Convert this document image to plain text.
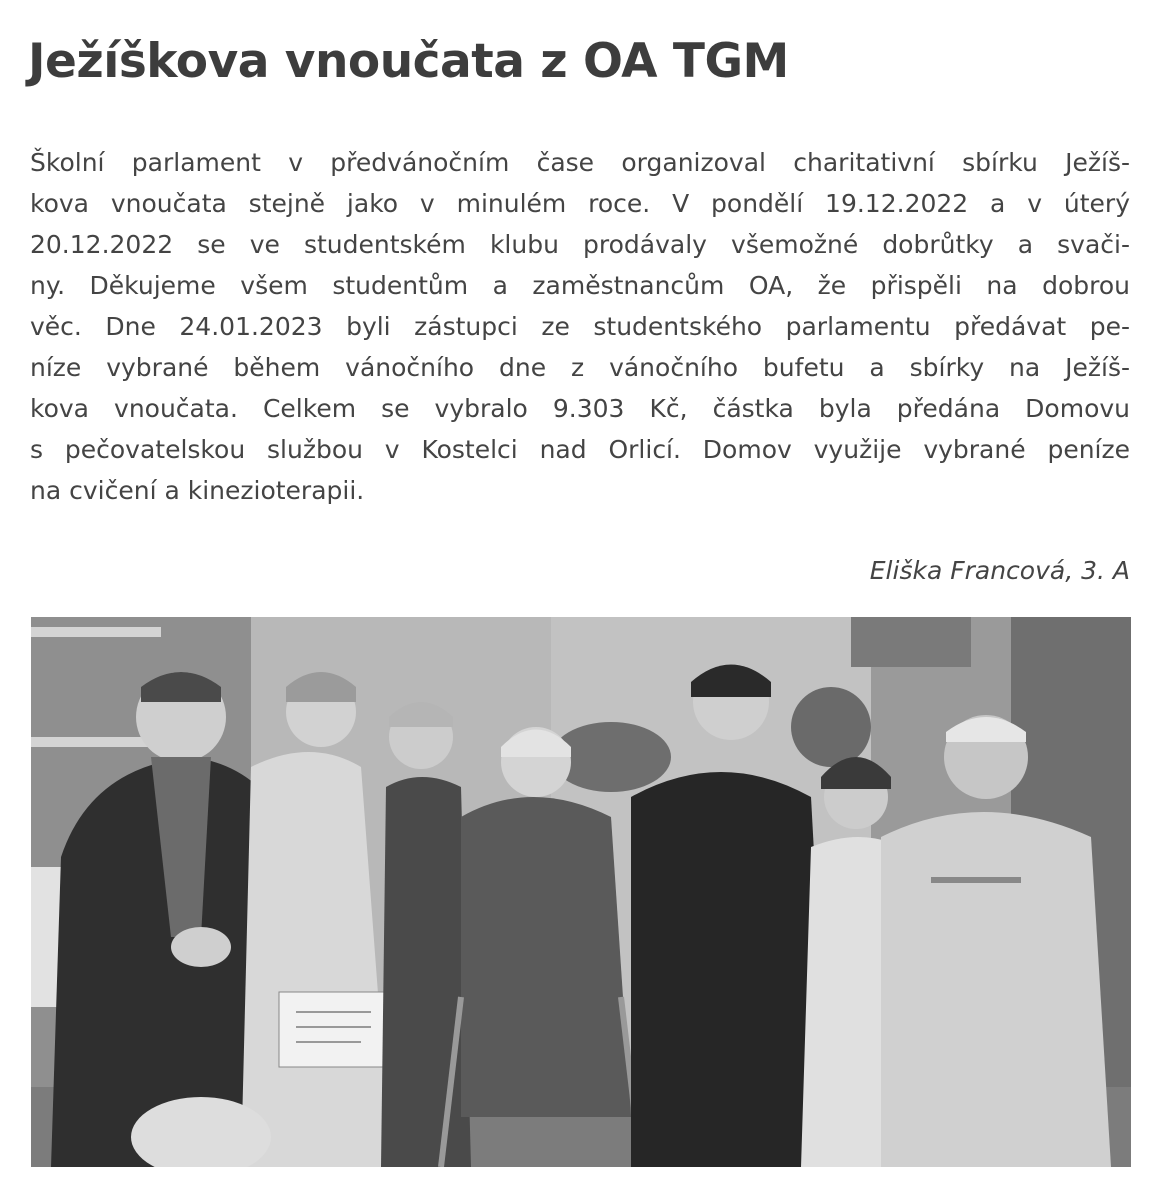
Ježíškova vnoučata z OA TGM
Školní parlament v předvánočním čase organizoval charitativní sbírku Ježíš-
kova vnoučata stejně jako v minulém roce. V pondělí 19.12.2022 a v úterý
20.12.2022 se ve studentském klubu prodávaly všemožné dobrůtky a svači-
ny. Děkujeme všem studentům a zaměstnancům OA, že přispěli na dobrou
věc. Dne 24.01.2023 byli zástupci ze studentského parlamentu předávat pe-
níze vybrané během vánočního dne z vánočního bufetu a sbírky na Ježíš-
kova vnoučata. Celkem se vybralo 9.303 Kč, částka byla předána Domovu
s pečovatelskou službou v Kostelci nad Orlicí. Domov využije vybrané peníze
na cvičení a kinezioterapii.
Eliška Francová, 3. A
